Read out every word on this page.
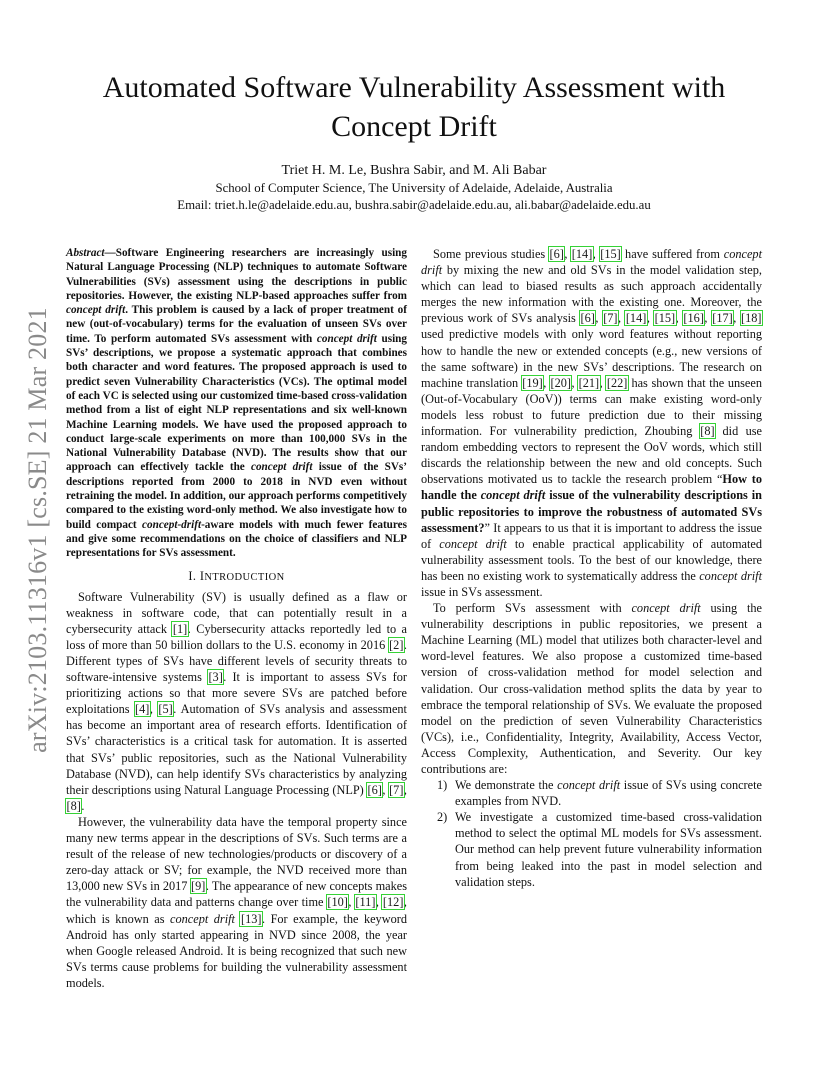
arXiv:2103.11316v1 [cs.SE] 21 Mar 2021
Automated Software Vulnerability Assessment with
Concept Drift
Triet H. M. Le, Bushra Sabir, and M. Ali Babar
School of Computer Science, The University of Adelaide, Adelaide, Australia
Email: triet.h.le@adelaide.edu.au, bushra.sabir@adelaide.edu.au, ali.babar@adelaide.edu.au
Abstract—Software Engineering researchers are increasingly using Natural Language Processing (NLP) techniques to automate Software Vulnerabilities (SVs) assessment using the descriptions in public repositories. However, the existing NLP-based approaches suffer from concept drift. This problem is caused by a lack of proper treatment of new (out-of-vocabulary) terms for the evaluation of unseen SVs over time. To perform automated SVs assessment with concept drift using SVs’ descriptions, we propose a systematic approach that combines both character and word features. The proposed approach is used to predict seven Vulnerability Characteristics (VCs). The optimal model of each VC is selected using our customized time-based cross-validation method from a list of eight NLP representations and six well-known Machine Learning models. We have used the proposed approach to conduct large-scale experiments on more than 100,000 SVs in the National Vulnerability Database (NVD). The results show that our approach can effectively tackle the concept drift issue of the SVs’ descriptions reported from 2000 to 2018 in NVD even without retraining the model. In addition, our approach performs competitively compared to the existing word-only method. We also investigate how to build compact concept-drift-aware models with much fewer features and give some recommendations on the choice of classifiers and NLP representations for SVs assessment.
I. INTRODUCTION

Software Vulnerability (SV) is usually defined as a flaw or weakness in software code, that can potentially result in a cybersecurity attack [1]. Cybersecurity attacks reportedly led to a loss of more than 50 billion dollars to the U.S. economy in 2016 [2]. Different types of SVs have different levels of security threats to software-intensive systems [3]. It is important to assess SVs for prioritizing actions so that more severe SVs are patched before exploitations [4], [5]. Automation of SVs analysis and assessment has become an important area of research efforts. Identification of SVs’ characteristics is a critical task for automation. It is asserted that SVs’ public repositories, such as the National Vulnerability Database (NVD), can help identify SVs characteristics by analyzing their descriptions using Natural Language Processing (NLP) [6], [7], [8].

However, the vulnerability data have the temporal property since many new terms appear in the descriptions of SVs. Such terms are a result of the release of new technologies/products or discovery of a zero-day attack or SV; for example, the NVD received more than 13,000 new SVs in 2017 [9]. The appearance of new concepts makes the vulnerability data and patterns change over time [10], [11], [12], which is known as concept drift [13]. For example, the keyword Android has only started appearing in NVD since 2008, the year when Google released Android. It is being recognized that such new SVs terms cause problems for building the vulnerability assessment models.

Some previous studies [6], [14], [15] have suffered from concept drift by mixing the new and old SVs in the model validation step, which can lead to biased results as such approach accidentally merges the new information with the existing one. Moreover, the previous work of SVs analysis [6], [7], [14], [15], [16], [17], [18] used predictive models with only word features without reporting how to handle the new or extended concepts (e.g., new versions of the same software) in the new SVs’ descriptions. The research on machine translation [19], [20], [21], [22] has shown that the unseen (Out-of-Vocabulary (OoV)) terms can make existing word-only models less robust to future prediction due to their missing information. For vulnerability prediction, Zhoubing [8] did use random embedding vectors to represent the OoV words, which still discards the relationship between the new and old concepts. Such observations motivated us to tackle the research problem “How to handle the concept drift issue of the vulnerability descriptions in public repositories to improve the robustness of automated SVs assessment?” It appears to us that it is important to address the issue of concept drift to enable practical applicability of automated vulnerability assessment tools. To the best of our knowledge, there has been no existing work to systematically address the concept drift issue in SVs assessment.

To perform SVs assessment with concept drift using the vulnerability descriptions in public repositories, we present a Machine Learning (ML) model that utilizes both character-level and word-level features. We also propose a customized time-based version of cross-validation method for model selection and validation. Our cross-validation method splits the data by year to embrace the temporal relationship of SVs. We evaluate the proposed model on the prediction of seven Vulnerability Characteristics (VCs), i.e., Confidentiality, Integrity, Availability, Access Vector, Access Complexity, Authentication, and Severity. Our key contributions are:

1) We demonstrate the concept drift issue of SVs using concrete examples from NVD.
2) We investigate a customized time-based cross-validation method to select the optimal ML models for SVs assessment. Our method can help prevent future vulnerability information from being leaked into the past in model selection and validation steps.
